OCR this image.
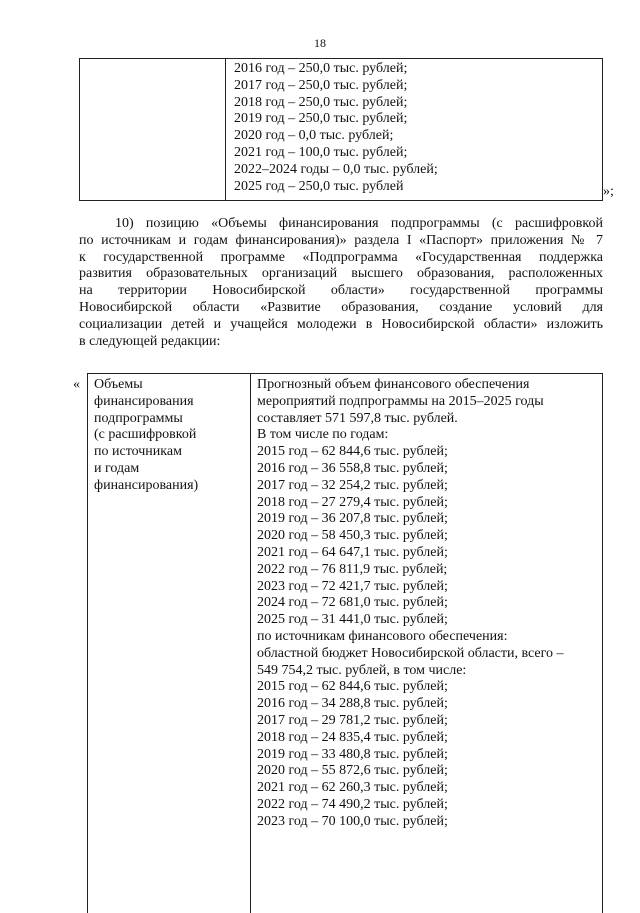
18
2016 год – 250,0 тыс. рублей;
2017 год – 250,0 тыс. рублей;
2018 год – 250,0 тыс. рублей;
2019 год – 250,0 тыс. рублей;
2020 год – 0,0 тыс. рублей;
2021 год – 100,0 тыс. рублей;
2022–2024 годы – 0,0 тыс. рублей;
2025 год – 250,0 тыс. рублей	»;
10) позицию «Объемы финансирования подпрограммы (с расшифровкой
по источникам и годам финансирования)» раздела I «Паспорт» приложения № 7
к государственной программе «Подпрограмма «Государственная поддержка
развития образовательных организаций высшего образования, расположенных
на территории Новосибирской области» государственной программы
Новосибирской области «Развитие образования, создание условий для
социализации детей и учащейся молодежи в Новосибирской области» изложить
в следующей редакции:
« Объемы
финансирования
подпрограммы
(с расшифровкой
по источникам
и годам
финансирования)
Прогнозный объем финансового обеспечения
мероприятий подпрограммы на 2015–2025 годы
составляет 571 597,8 тыс. рублей.
В том числе по годам:
2015 год – 62 844,6 тыс. рублей;
2016 год – 36 558,8 тыс. рублей;
2017 год – 32 254,2 тыс. рублей;
2018 год – 27 279,4 тыс. рублей;
2019 год – 36 207,8 тыс. рублей;
2020 год – 58 450,3 тыс. рублей;
2021 год – 64 647,1 тыс. рублей;
2022 год – 76 811,9 тыс. рублей;
2023 год – 72 421,7 тыс. рублей;
2024 год – 72 681,0 тыс. рублей;
2025 год – 31 441,0 тыс. рублей;
по источникам финансового обеспечения:
областной бюджет Новосибирской области, всего –
549 754,2 тыс. рублей, в том числе:
2015 год – 62 844,6 тыс. рублей;
2016 год – 34 288,8 тыс. рублей;
2017 год – 29 781,2 тыс. рублей;
2018 год – 24 835,4 тыс. рублей;
2019 год – 33 480,8 тыс. рублей;
2020 год – 55 872,6 тыс. рублей;
2021 год – 62 260,3 тыс. рублей;
2022 год – 74 490,2 тыс. рублей;
2023 год – 70 100,0 тыс. рублей;
